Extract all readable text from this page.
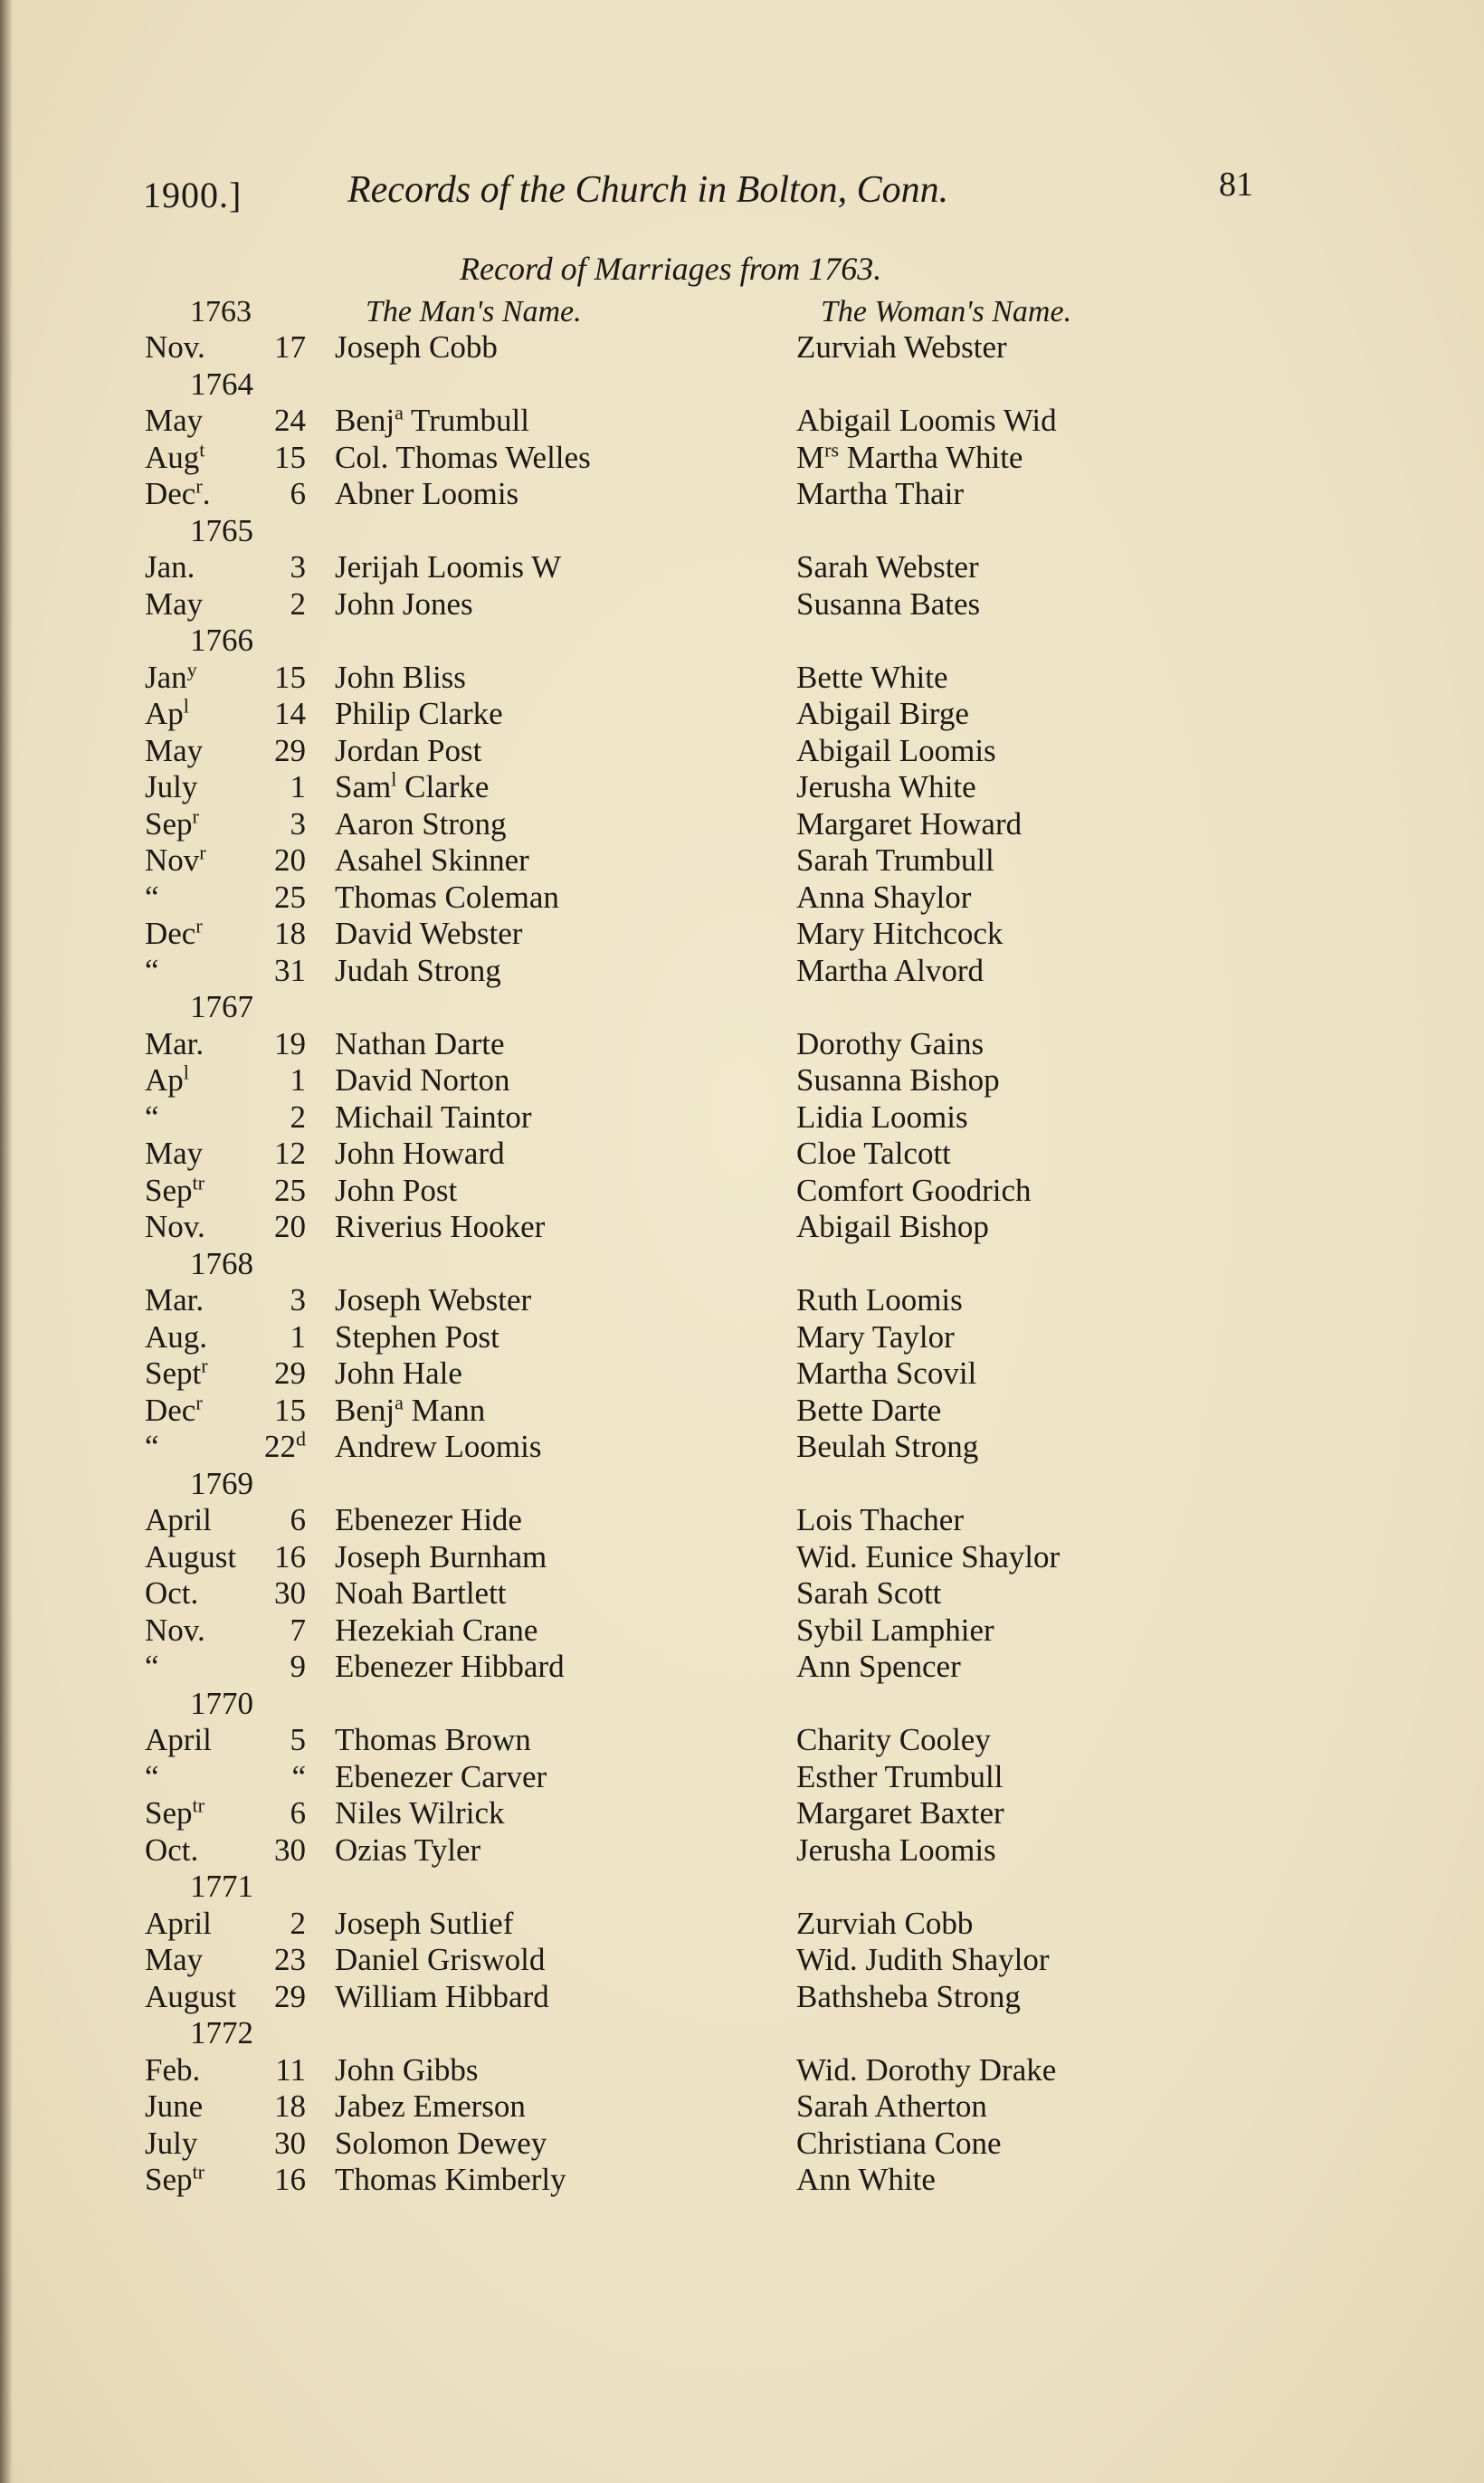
1900.]	Records of the Church in Bolton, Conn.	81
Record of Marriages from 1763.
1763	The Man's Name.	The Woman's Name.
Nov.	17 Joseph Cobb	Zurviah Webster
1764
May	24 Benj$^a$ Trumbull	Abigail Loomis Wid
Aug$^t$	15 Col. Thomas Welles	$M^{rs}$ Martha White
Dec$^r$.	6 Abner Loomis	Martha Thair
1765
Jan.	3 Jerijah Loomis W	Sarah Webster
May	2 John Jones	Susanna Bates
1766
Jan$^y$	15 John Bliss	Bette White
Ap$^l$	14 Philip Clarke	Abigail Birge
May	29 Jordan Post	Abigail Loomis
July	1 Sam$^l$ Clarke	Jerusha White
Sep$^r$	3 Aaron Strong	Margaret Howard
Nov$^r$	20 Asahel Skinner	Sarah Trumbull
“	25 Thomas Coleman	Anna Shaylor
Dec$^r$	18 David Webster	Mary Hitchcock
“	31 Judah Strong	Martha Alvord
1767
Mar.	19 Nathan Darte	Dorothy Gains
Ap$^l$	1 David Norton	Susanna Bishop
“	2 Michail Taintor	Lidia Loomis
May	12 John Howard	Cloe Talcott
Sep$^{tr}$	25 John Post	Comfort Goodrich
Nov.	20 Riverius Hooker	Abigail Bishop
1768
Mar.	3 Joseph Webster	Ruth Loomis
Aug.	1 Stephen Post	Mary Taylor
Sept$^r$	29 John Hale	Martha Scovil
Dec$^r$	15 Benj$^a$ Mann	Bette Darte
“	22$^d$ Andrew Loomis	Beulah Strong
1769
April	6 Ebenezer Hide	Lois Thacher
August	16 Joseph Burnham	Wid. Eunice Shaylor
Oct.	30 Noah Bartlett	Sarah Scott
Nov.	7 Hezekiah Crane	Sybil Lamphier
“	9 Ebenezer Hibbard	Ann Spencer
1770
April	5 Thomas Brown	Charity Cooley
“	“ Ebenezer Carver	Esther Trumbull
Sep$^{tr}$	6 Niles Wilrick	Margaret Baxter
Oct.	30 Ozias Tyler	Jerusha Loomis
1771
April	2 Joseph Sutlief	Zurviah Cobb
May	23 Daniel Griswold	Wid. Judith Shaylor
August	29 William Hibbard	Bathsheba Strong
1772
Feb.	11 John Gibbs	Wid. Dorothy Drake
June	18 Jabez Emerson	Sarah Atherton
July	30 Solomon Dewey	Christiana Cone
Sep$^{tr}$	16 Thomas Kimberly	Ann White
